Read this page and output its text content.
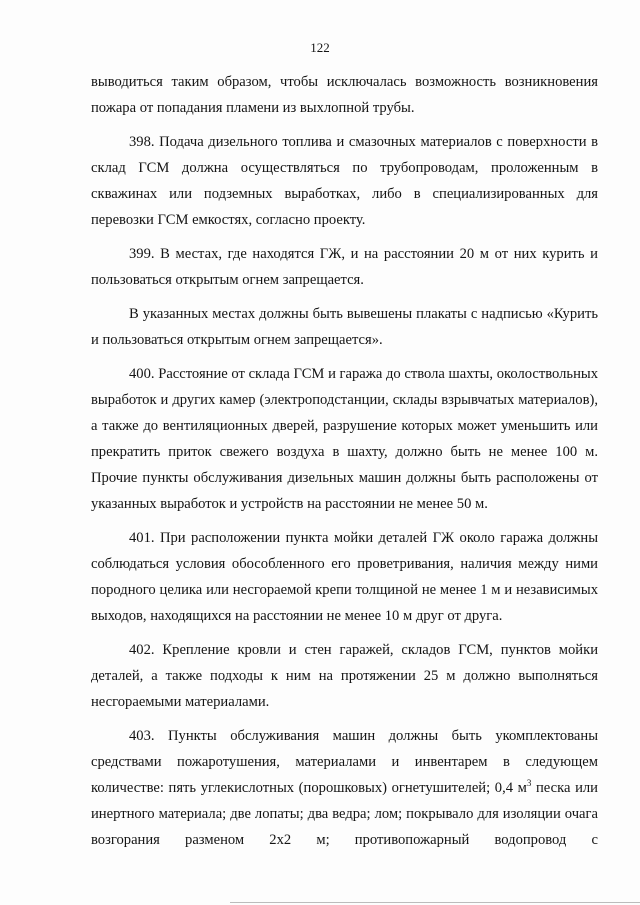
122

выводиться таким образом, чтобы исключалась возможность возникновения пожара от попадания пламени из выхлопной трубы.

398. Подача дизельного топлива и смазочных материалов с поверхности в склад ГСМ должна осуществляться по трубопроводам, проложенным в скважинах или подземных выработках, либо в специализированных для перевозки ГСМ емкостях, согласно проекту.

399. В местах, где находятся ГЖ, и на расстоянии 20 м от них курить и пользоваться открытым огнем запрещается.

В указанных местах должны быть вывешены плакаты с надписью «Курить и пользоваться открытым огнем запрещается».

400. Расстояние от склада ГСМ и гаража до ствола шахты, околоствольных выработок и других камер (электроподстанции, склады взрывчатых материалов), а также до вентиляционных дверей, разрушение которых может уменьшить или прекратить приток свежего воздуха в шахту, должно быть не менее 100 м. Прочие пункты обслуживания дизельных машин должны быть расположены от указанных выработок и устройств на расстоянии не менее 50 м.

401. При расположении пункта мойки деталей ГЖ около гаража должны соблюдаться условия обособленного его проветривания, наличия между ними породного целика или несгораемой крепи толщиной не менее 1 м и независимых выходов, находящихся на расстоянии не менее 10 м друг от друга.

402. Крепление кровли и стен гаражей, складов ГСМ, пунктов мойки деталей, а также подходы к ним на протяжении 25 м должно выполняться несгораемыми материалами.

403. Пункты обслуживания машин должны быть укомплектованы средствами пожаротушения, материалами и инвентарем в следующем количестве: пять углекислотных (порошковых) огнетушителей; 0,4 $м^3$ песка или инертного материала; две лопаты; два ведра; лом; покрывало для изоляции очага возгорания разменом 2х2 м; противопожарный водопровод с
